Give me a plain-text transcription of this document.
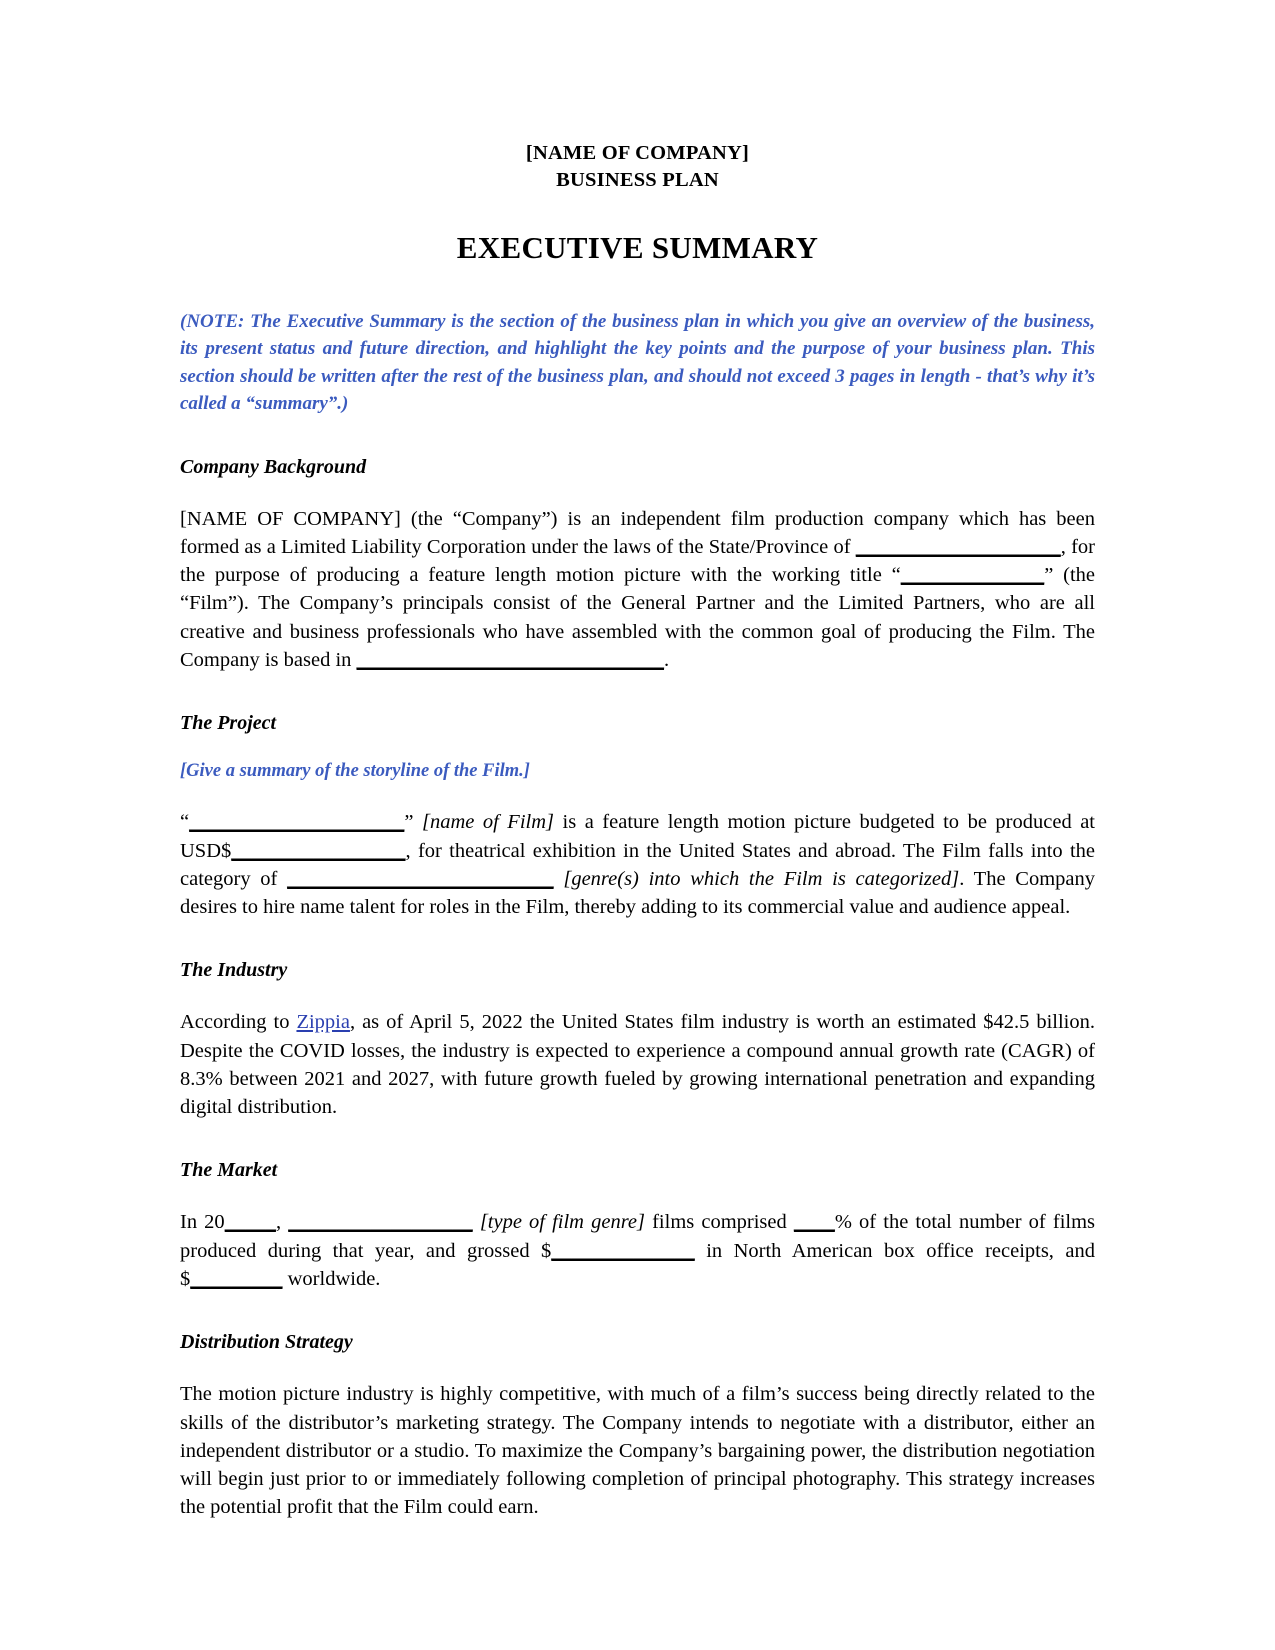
[NAME OF COMPANY]
BUSINESS PLAN
EXECUTIVE SUMMARY

(NOTE: The Executive Summary is the section of the business plan in which you give an overview of the business, its present status and future direction, and highlight the key points and the purpose of your business plan. This section should be written after the rest of the business plan, and should not exceed 3 pages in length - that’s why it’s called a “summary”.)

Company Background

[NAME OF COMPANY] (the “Company”) is an independent film production company which has been formed as a Limited Liability Corporation under the laws of the State/Province of ____________________, for the purpose of producing a feature length motion picture with the working title “______________” (the “Film”). The Company’s principals consist of the General Partner and the Limited Partners, who are all creative and business professionals who have assembled with the common goal of producing the Film. The Company is based in ______________________________.

The Project

[Give a summary of the storyline of the Film.]

“_____________________” [name of Film] is a feature length motion picture budgeted to be produced at USD$_________________, for theatrical exhibition in the United States and abroad. The Film falls into the category of __________________________ [genre(s) into which the Film is categorized]. The Company desires to hire name talent for roles in the Film, thereby adding to its commercial value and audience appeal.

The Industry

According to Zippia, as of April 5, 2022 the United States film industry is worth an estimated $42.5 billion. Despite the COVID losses, the industry is expected to experience a compound annual growth rate (CAGR) of 8.3% between 2021 and 2027, with future growth fueled by growing international penetration and expanding digital distribution.

The Market

In 20_____, __________________ [type of film genre] films comprised ____% of the total number of films produced during that year, and grossed $______________ in North American box office receipts, and $_________ worldwide.

Distribution Strategy

The motion picture industry is highly competitive, with much of a film’s success being directly related to the skills of the distributor’s marketing strategy. The Company intends to negotiate with a distributor, either an independent distributor or a studio. To maximize the Company’s bargaining power, the distribution negotiation will begin just prior to or immediately following completion of principal photography. This strategy increases the potential profit that the Film could earn.
